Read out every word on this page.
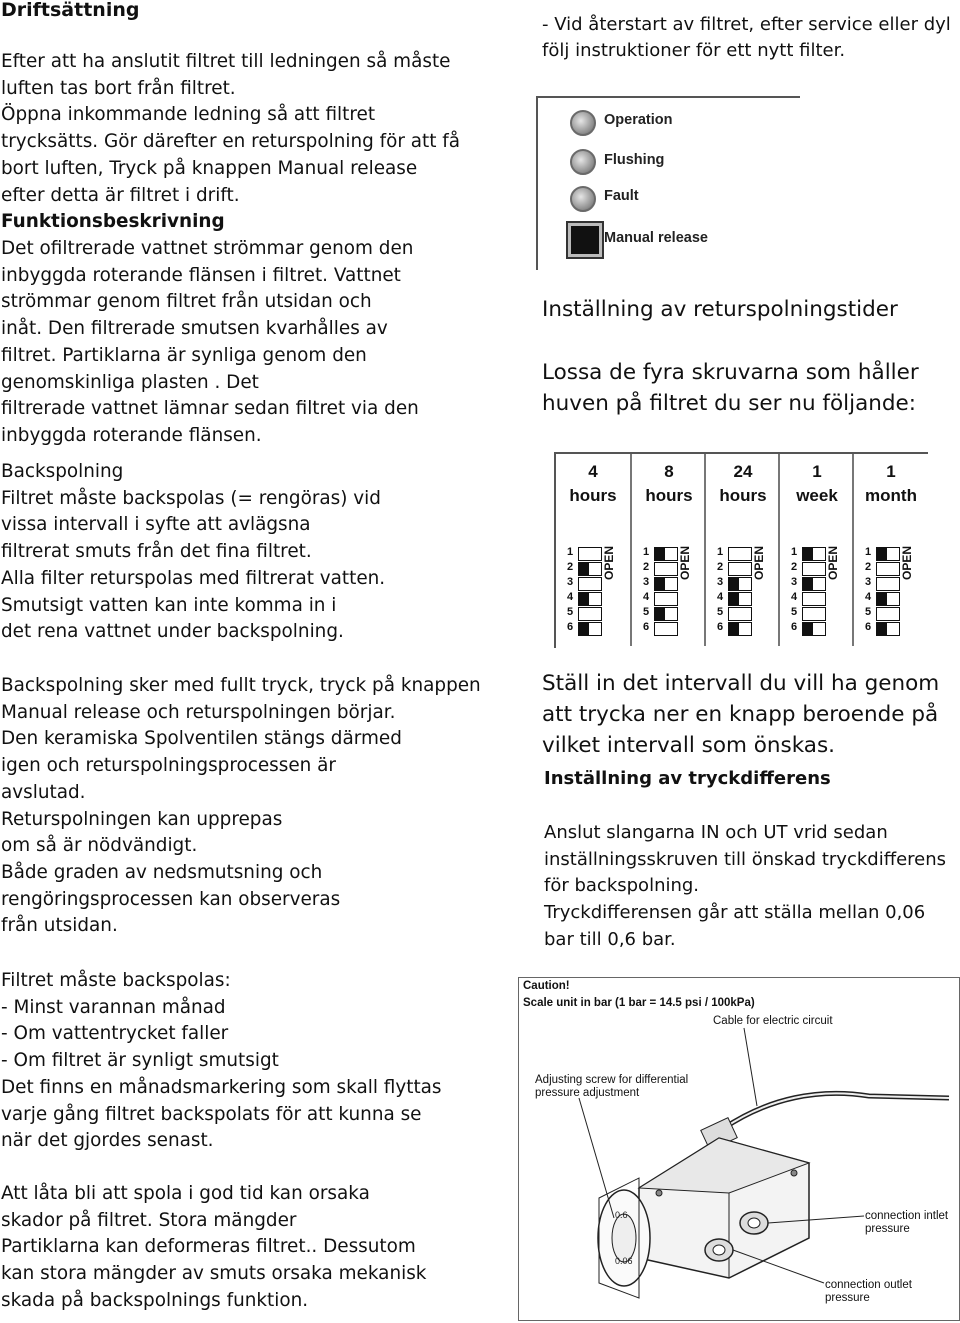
Driftsättning

Efter att ha anslutit filtret till ledningen så måste
luften tas bort från filtret.
Öppna inkommande ledning så att filtret
trycksätts. Gör därefter en returspolning för att få
bort luften, Tryck på knappen Manual release
efter detta är filtret i drift.

Funktionsbeskrivning

Det ofiltrerade vattnet strömmar genom den
inbyggda roterande flänsen i filtret. Vattnet
strömmar genom filtret från utsidan och
inåt. Den filtrerade smutsen kvarhålles av
filtret. Partiklarna är synliga genom den
genomskinliga plasten . Det
filtrerade vattnet lämnar sedan filtret via den
inbyggda roterande flänsen.

Backspolning
Filtret måste backspolas (= rengöras) vid
vissa intervall i syfte att avlägsna
filtrerat smuts från det fina filtret.
Alla filter returspolas med filtrerat vatten.
Smutsigt vatten kan inte komma in i
det rena vattnet under backspolning.

Backspolning sker med fullt tryck, tryck på knappen
Manual release och returspolningen börjar.
Den keramiska Spolventilen stängs därmed
igen och returspolningsprocessen är
avslutad.
Returspolningen kan upprepas
om så är nödvändigt.
Både graden av nedsmutsning och
rengöringsprocessen kan observeras
från utsidan.

Filtret måste backspolas:
- Minst varannan månad
- Om vattentrycket faller
- Om filtret är synligt smutsigt
Det finns en månadsmarkering som skall flyttas
varje gång filtret backspolats för att kunna se
när det gjordes senast.

Att låta bli att spola i god tid kan orsaka
skador på filtret. Stora mängder
Partiklarna kan deformeras filtret.. Dessutom
kan stora mängder av smuts orsaka mekanisk
skada på backspolnings funktion.

- Vid återstart av filtret, efter service eller dyl
följ instruktioner för ett nytt filter.

Operation
Flushing
Fault
Manual release

Inställning av returspolningstider

Lossa de fyra skruvarna som håller
huven på filtret du ser nu följande:

4
hours
1
2
3
4
5
6
OPEN
8
hours
1
2
3
4
5
6
OPEN
24
hours
1
2
3
4
5
6
OPEN
1
week
1
2
3
4
5
6
OPEN
1
month
1
2
3
4
5
6
OPEN

Ställ in det intervall du vill ha genom
att trycka ner en knapp beroende på
vilket intervall som önskas.

Inställning av tryckdifferens

Anslut slangarna IN och UT vrid sedan
inställningsskruven till önskad tryckdifferens
för backspolning.
Tryckdifferensen går att ställa mellan 0,06
bar till 0,6 bar.

Caution!
Scale unit in bar (1 bar = 14.5 psi / 100kPa)
Cable for electric circuit
Adjusting screw for differential
pressure adjustment
connection intlet
pressure
connection outlet
pressure
0.6
0.06
